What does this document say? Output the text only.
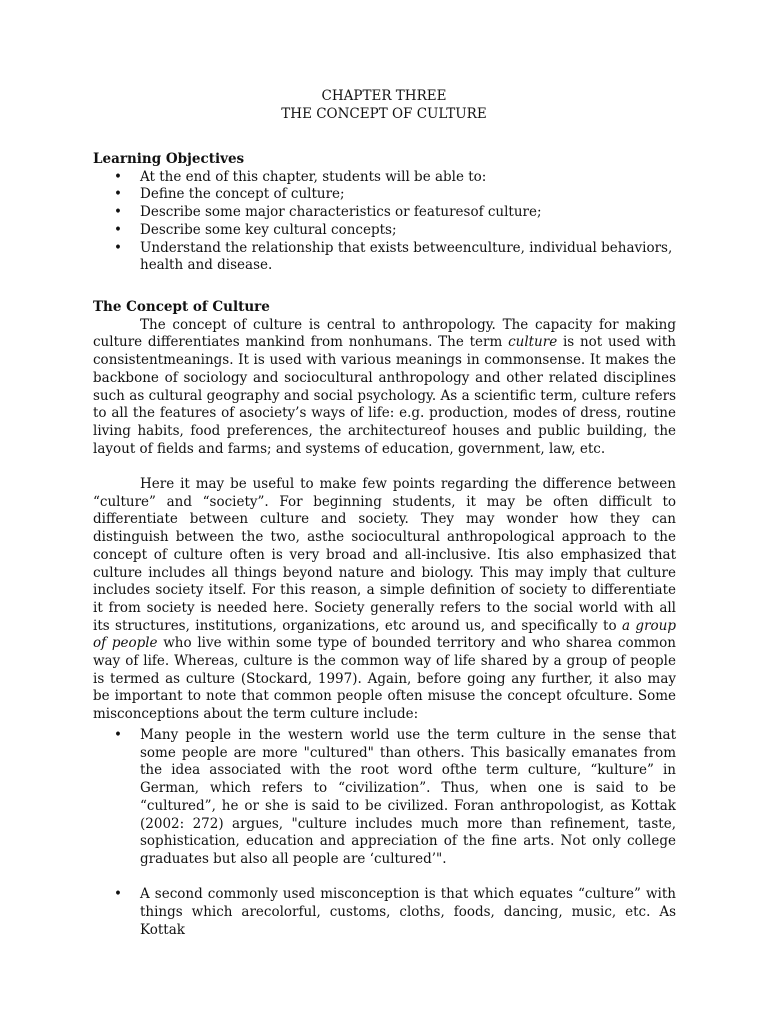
CHAPTER THREE
THE CONCEPT OF CULTURE
Learning Objectives
• At the end of this chapter, students will be able to:
• Define the concept of culture;
• Describe some major characteristics or featuresof culture;
• Describe some key cultural concepts;
• Understand the relationship that exists betweenculture, individual behaviors, health and disease.
The Concept of Culture

The concept of culture is central to anthropology. The capacity for making culture differentiates mankind from nonhumans. The term culture is not used with consistentmeanings. It is used with various meanings in commonsense. It makes the backbone of sociology and sociocultural anthropology and other related disciplines such as cultural geography and social psychology. As a scientific term, culture refers to all the features of asociety’s ways of life: e.g. production, modes of dress, routine living habits, food preferences, the architectureof houses and public building, the layout of fields and farms; and systems of education, government, law, etc.

Here it may be useful to make few points regarding the difference between “culture” and “society”. For beginning students, it may be often difficult to differentiate between culture and society. They may wonder how they can distinguish between the two, asthe sociocultural anthropological approach to the concept of culture often is very broad and all-inclusive. Itis also emphasized that culture includes all things beyond nature and biology. This may imply that culture includes society itself. For this reason, a simple definition of society to differentiate it from society is needed here. Society generally refers to the social world with all its structures, institutions, organizations, etc around us, and specifically to a group of people who live within some type of bounded territory and who sharea common way of life. Whereas, culture is the common way of life shared by a group of people is termed as culture (Stockard, 1997). Again, before going any further, it also may be important to note that common people often misuse the concept ofculture. Some misconceptions about the term culture include:

• Many people in the western world use the term culture in the sense that some people are more "cultured" than others. This basically emanates from the idea associated with the root word ofthe term culture, “kulture” in German, which refers to “civilization”. Thus, when one is said to be “cultured”, he or she is said to be civilized. Foran anthropologist, as Kottak (2002: 272) argues, "culture includes much more than refinement, taste, sophistication, education and appreciation of the fine arts. Not only college graduates but also all people are ‘cultured’".
• A second commonly used misconception is that which equates “culture” with things which arecolorful, customs, cloths, foods, dancing, music, etc. As Kottak
